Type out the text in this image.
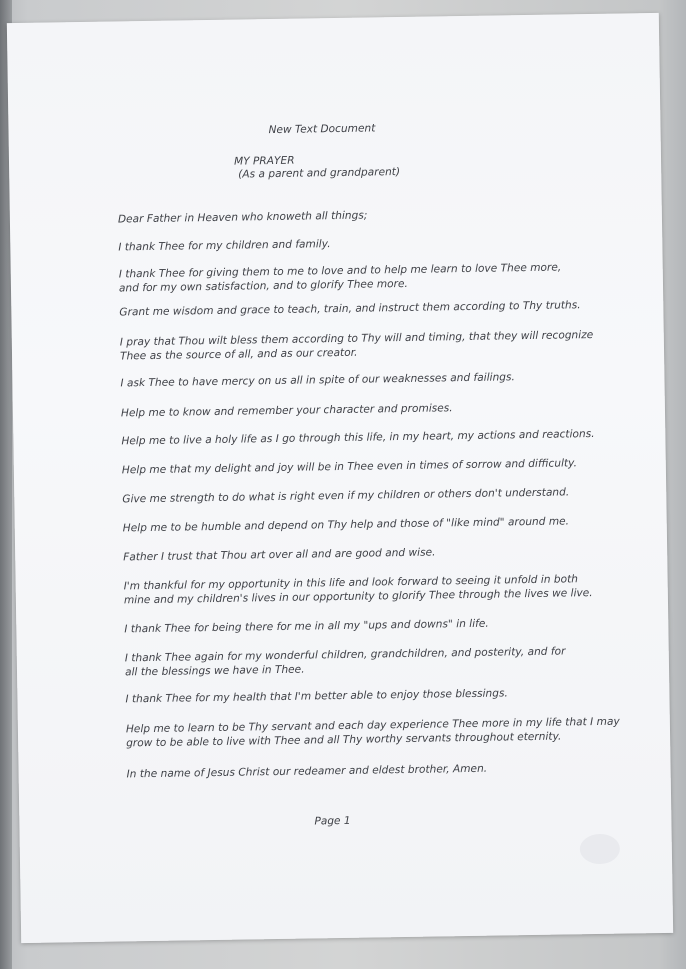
New Text Document

MY PRAYER

(As a parent and grandparent)

Dear Father in Heaven who knoweth all things;
I thank Thee for my children and family.
I thank Thee for giving them to me to love and to help me learn to love Thee more,
and for my own satisfaction, and to glorify Thee more.
Grant me wisdom and grace to teach, train, and instruct them according to Thy truths.
I pray that Thou wilt bless them according to Thy will and timing, that they will recognize
Thee as the source of all, and as our creator.
I ask Thee to have mercy on us all in spite of our weaknesses and failings.
Help me to know and remember your character and promises.
Help me to live a holy life as I go through this life, in my heart, my actions and reactions.
Help me that my delight and joy will be in Thee even in times of sorrow and difficulty.
Give me strength to do what is right even if my children or others don't understand.
Help me to be humble and depend on Thy help and those of "like mind" around me.
Father I trust that Thou art over all and are good and wise.
I'm thankful for my opportunity in this life and look forward to seeing it unfold in both
mine and my children's lives in our opportunity to glorify Thee through the lives we live.
I thank Thee for being there for me in all my "ups and downs" in life.
I thank Thee again for my wonderful children, grandchildren, and posterity, and for
all the blessings we have in Thee.
I thank Thee for my health that I'm better able to enjoy those blessings.
Help me to learn to be Thy servant and each day experience Thee more in my life that I may
grow to be able to live with Thee and all Thy worthy servants throughout eternity.
In the name of Jesus Christ our redeamer and eldest brother, Amen.

Page 1
